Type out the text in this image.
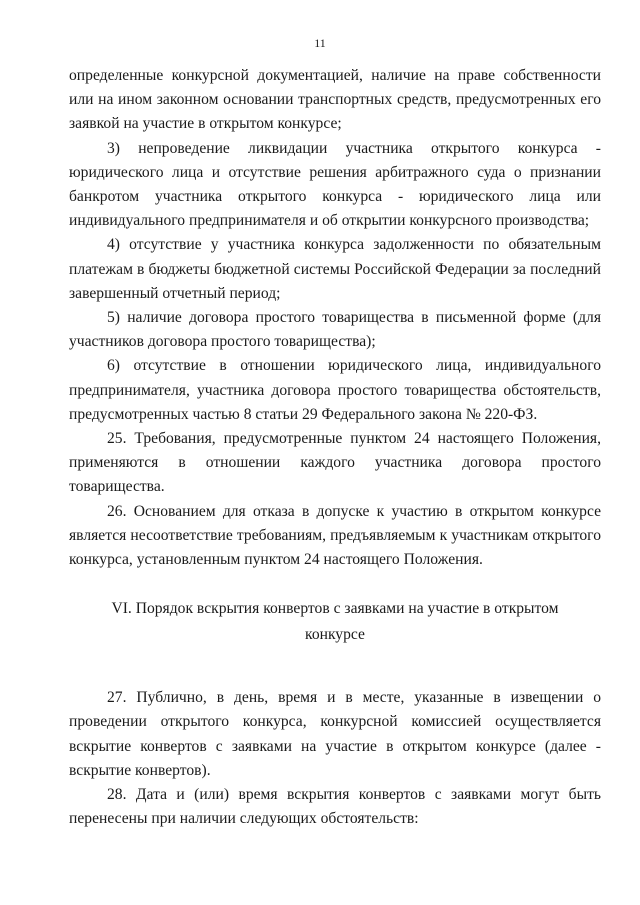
11

определенные конкурсной документацией, наличие на праве собственности или на ином законном основании транспортных средств, предусмотренных его заявкой на участие в открытом конкурсе;

3) непроведение ликвидации участника открытого конкурса - юридического лица и отсутствие решения арбитражного суда о признании банкротом участника открытого конкурса - юридического лица или индивидуального предпринимателя и об открытии конкурсного производства;

4) отсутствие у участника конкурса задолженности по обязательным платежам в бюджеты бюджетной системы Российской Федерации за последний завершенный отчетный период;

5) наличие договора простого товарищества в письменной форме (для участников договора простого товарищества);

6) отсутствие в отношении юридического лица, индивидуального предпринимателя, участника договора простого товарищества обстоятельств, предусмотренных частью 8 статьи 29 Федерального закона № 220-ФЗ.

25. Требования, предусмотренные пунктом 24 настоящего Положения, применяются в отношении каждого участника договора простого товарищества.

26. Основанием для отказа в допуске к участию в открытом конкурсе является несоответствие требованиям, предъявляемым к участникам открытого конкурса, установленным пунктом 24 настоящего Положения.

VI. Порядок вскрытия конвертов с заявками на участие в открытом
конкурсе

27. Публично, в день, время и в месте, указанные в извещении о проведении открытого конкурса, конкурсной комиссией осуществляется вскрытие конвертов с заявками на участие в открытом конкурсе (далее - вскрытие конвертов).

28. Дата и (или) время вскрытия конвертов с заявками могут быть перенесены при наличии следующих обстоятельств:
